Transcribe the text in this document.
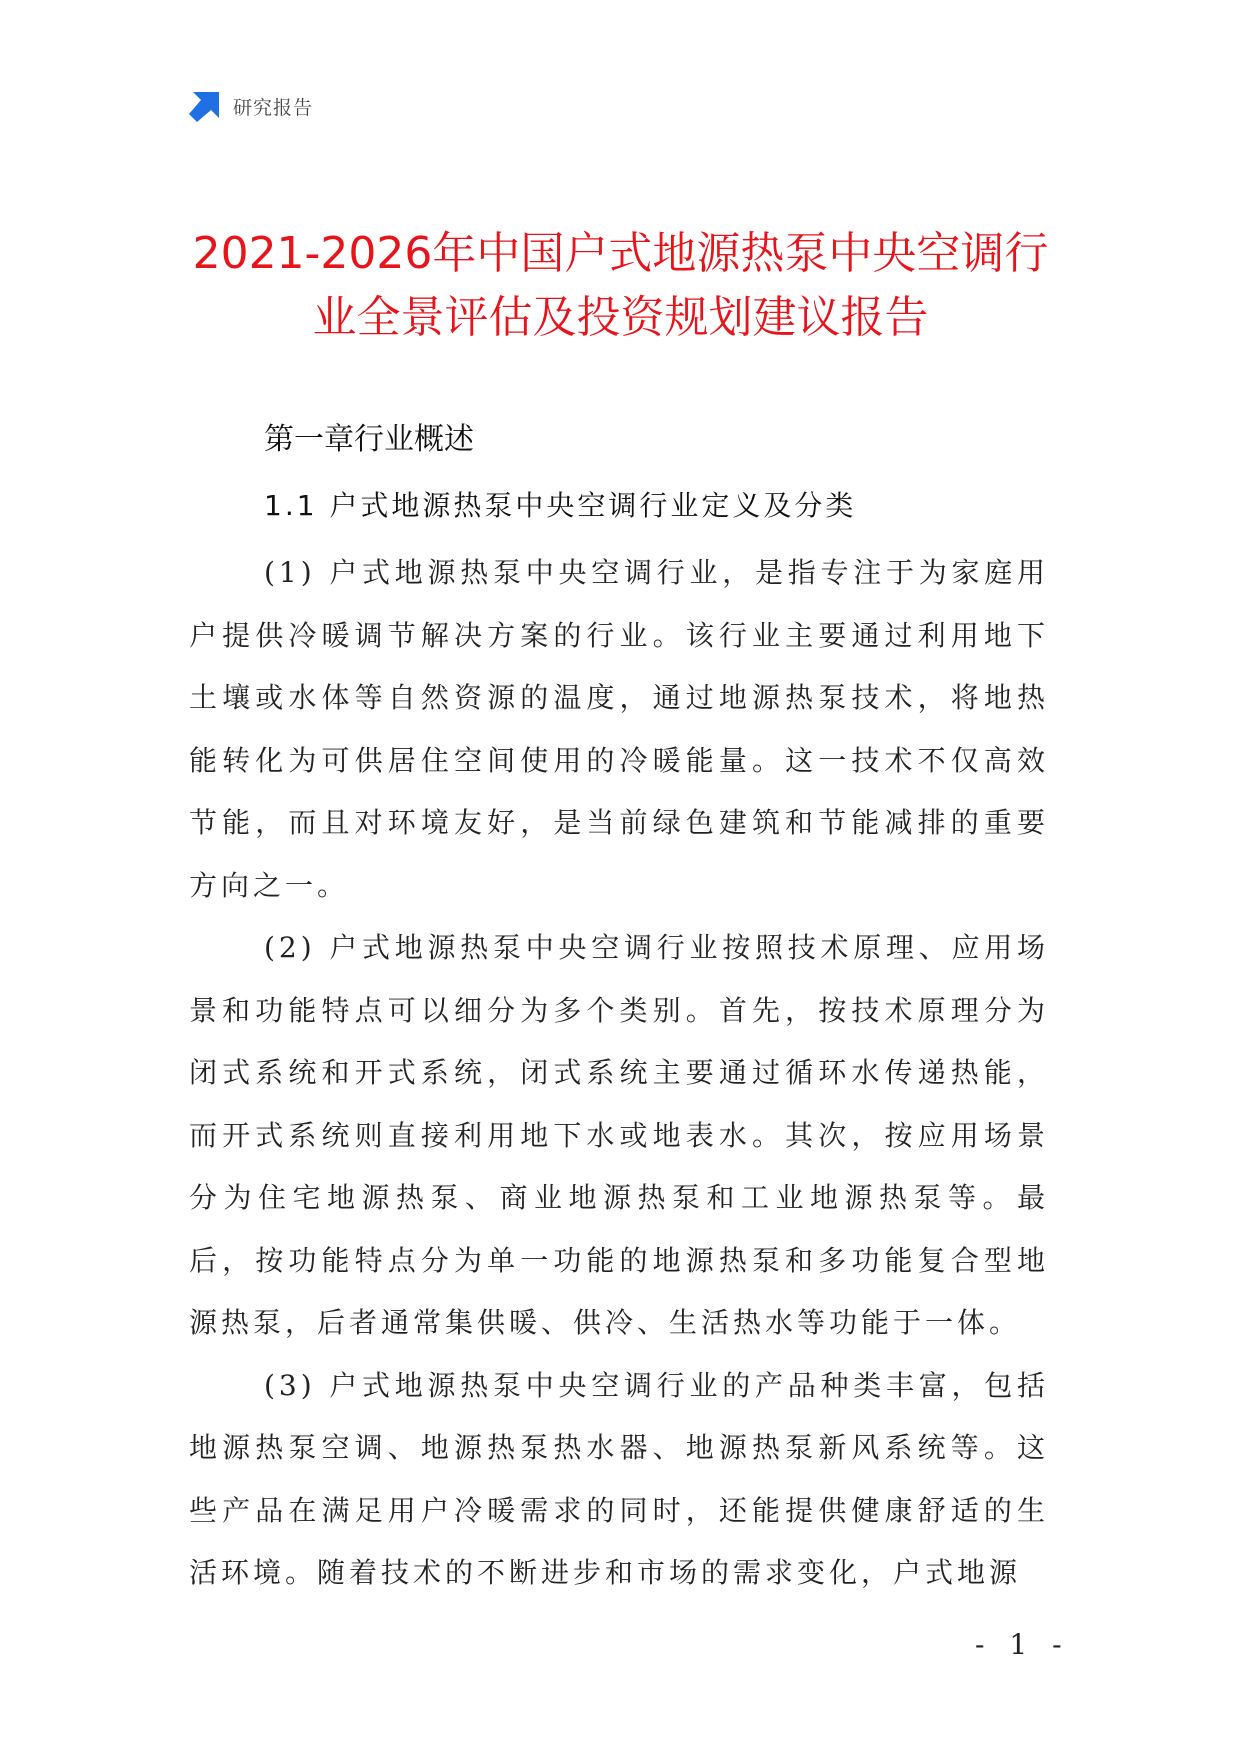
研究报告
2021-2026年中国户式地源热泵中央空调行
业全景评估及投资规划建议报告
第一章行业概述
1.1 户式地源热泵中央空调行业定义及分类

(1) 户式地源热泵中央空调行业，是指专注于为家庭用户提供冷暖调节解决方案的行业。该行业主要通过利用地下土壤或水体等自然资源的温度，通过地源热泵技术，将地热能转化为可供居住空间使用的冷暖能量。这一技术不仅高效节能，而且对环境友好，是当前绿色建筑和节能减排的重要方向之一。

(2) 户式地源热泵中央空调行业按照技术原理、应用场景和功能特点可以细分为多个类别。首先，按技术原理分为闭式系统和开式系统，闭式系统主要通过循环水传递热能，而开式系统则直接利用地下水或地表水。其次，按应用场景分为住宅地源热泵、商业地源热泵和工业地源热泵等。最后，按功能特点分为单一功能的地源热泵和多功能复合型地源热泵，后者通常集供暖、供冷、生活热水等功能于一体。

(3) 户式地源热泵中央空调行业的产品种类丰富，包括地源热泵空调、地源热泵热水器、地源热泵新风系统等。这些产品在满足用户冷暖需求的同时，还能提供健康舒适的生活环境。随着技术的不断进步和市场的需求变化，户式地源

- 1 -
